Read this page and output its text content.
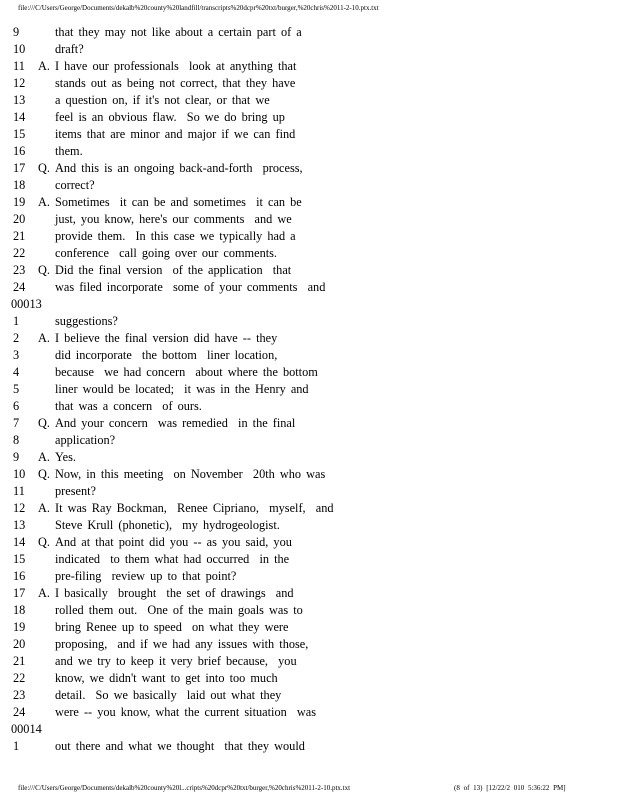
file:///C/Users/George/Documents/dekalb%20county%20landfill/transcripts%20dcpr%20txt/burger,%20chris%2011-2-10.ptx.txt
9	that they may not like about a certain part of a
10	draft?
11	A. I have our professionals  look at anything that
12	stands out as being not correct, that they have
13	a question on, if it's not clear, or that we
14	feel is an obvious flaw.  So we do bring up
15	items that are minor and major if we can find
16	them.
17	Q. And this is an ongoing back-and-forth  process,
18	correct?
19	A. Sometimes  it can be and sometimes  it can be
20	just, you know, here's our comments  and we
21	provide them.  In this case we typically had a
22	conference  call going over our comments.
23	Q. Did the final version  of the application  that
24	was filed incorporate  some of your comments  and
00013
1	suggestions?
2	A. I believe the final version did have -- they
3	did incorporate  the bottom  liner location,
4	because  we had concern  about where the bottom
5	liner would be located;  it was in the Henry and
6	that was a concern  of ours.
7	Q. And your concern  was remedied  in the final
8	application?
9	A. Yes.
10	Q. Now, in this meeting  on November  20th who was
11	present?
12	A. It was Ray Bockman,  Renee Cipriano,  myself,  and
13	Steve Krull (phonetic),  my hydrogeologist.
14	Q. And at that point did you -- as you said, you
15	indicated  to them what had occurred  in the
16	pre-filing  review up to that point?
17	A. I basically  brought  the set of drawings  and
18	rolled them out.  One of the main goals was to
19	bring Renee up to speed  on what they were
20	proposing,  and if we had any issues with those,
21	and we try to keep it very brief because,  you
22	know, we didn't want to get into too much
23	detail.  So we basically  laid out what they
24	were -- you know, what the current situation  was
00014
1	out there and what we thought  that they would
file:///C/Users/George/Documents/dekalb%20county%20l...cripts%20dcpr%20txt/burger,%20chris%2011-2-10.ptx.txt	(8 of 13) [12/22/2 010 5:36:22 PM]
